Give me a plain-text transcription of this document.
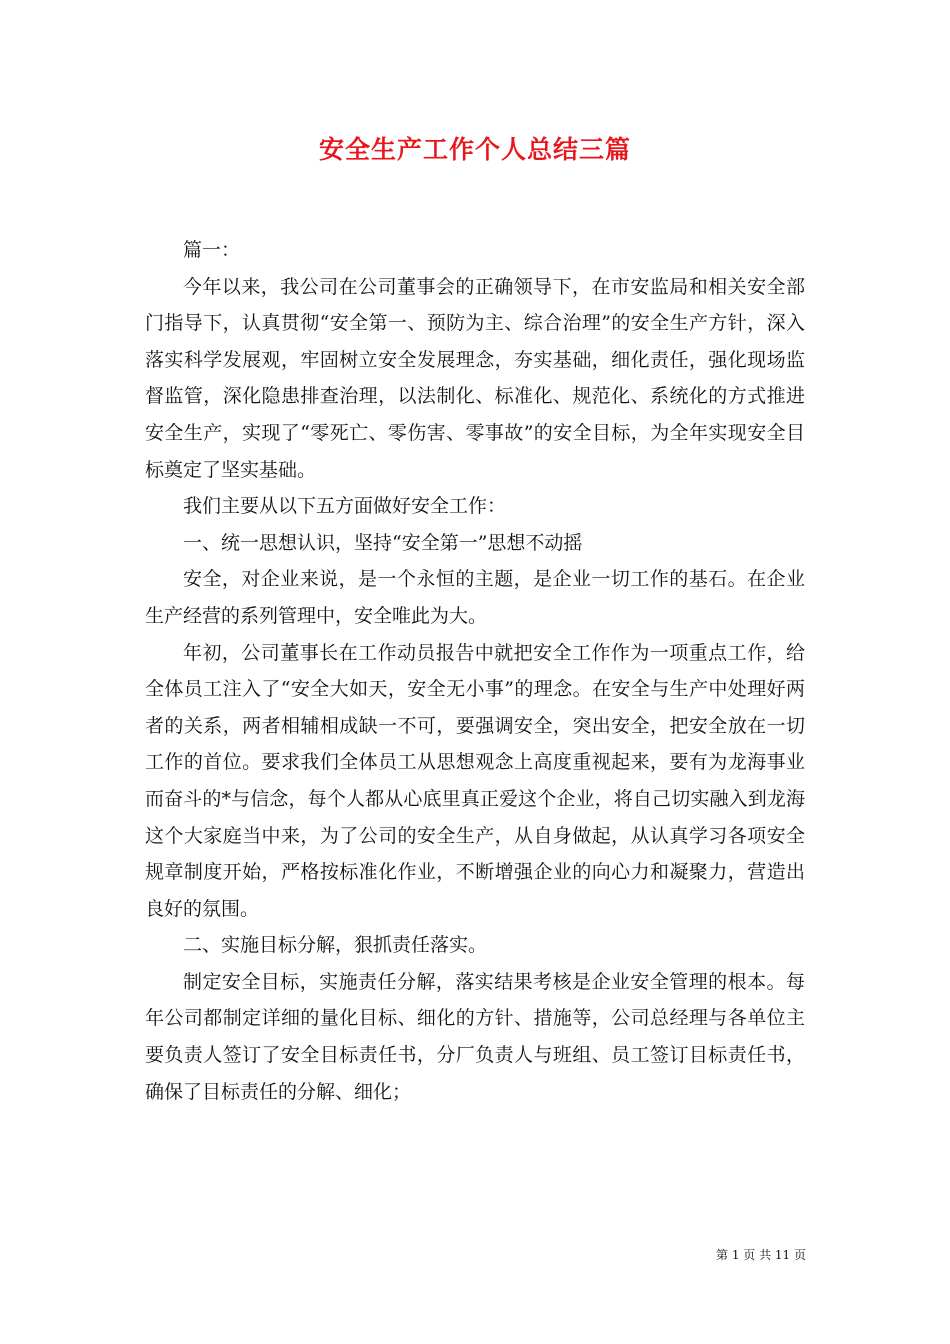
安全生产工作个人总结三篇

篇一：

今年以来，我公司在公司董事会的正确领导下，在市安监局和相关安全部门指导下，认真贯彻“安全第一、预防为主、综合治理”的安全生产方针，深入落实科学发展观，牢固树立安全发展理念，夯实基础，细化责任，强化现场监督监管，深化隐患排查治理，以法制化、标准化、规范化、系统化的方式推进安全生产，实现了“零死亡、零伤害、零事故”的安全目标，为全年实现安全目标奠定了坚实基础。

我们主要从以下五方面做好安全工作：

一、统一思想认识，坚持“安全第一”思想不动摇

安全，对企业来说，是一个永恒的主题，是企业一切工作的基石。在企业生产经营的系列管理中，安全唯此为大。

年初，公司董事长在工作动员报告中就把安全工作作为一项重点工作，给全体员工注入了“安全大如天，安全无小事”的理念。在安全与生产中处理好两者的关系，两者相辅相成缺一不可，要强调安全，突出安全，把安全放在一切工作的首位。要求我们全体员工从思想观念上高度重视起来，要有为龙海事业而奋斗的*与信念，每个人都从心底里真正爱这个企业，将自己切实融入到龙海这个大家庭当中来，为了公司的安全生产，从自身做起，从认真学习各项安全规章制度开始，严格按标准化作业，不断增强企业的向心力和凝聚力，营造出良好的氛围。

二、实施目标分解，狠抓责任落实。

制定安全目标，实施责任分解，落实结果考核是企业安全管理的根本。每年公司都制定详细的量化目标、细化的方针、措施等，公司总经理与各单位主要负责人签订了安全目标责任书，分厂负责人与班组、员工签订目标责任书，确保了目标责任的分解、细化；

第 1 页 共 11 页
